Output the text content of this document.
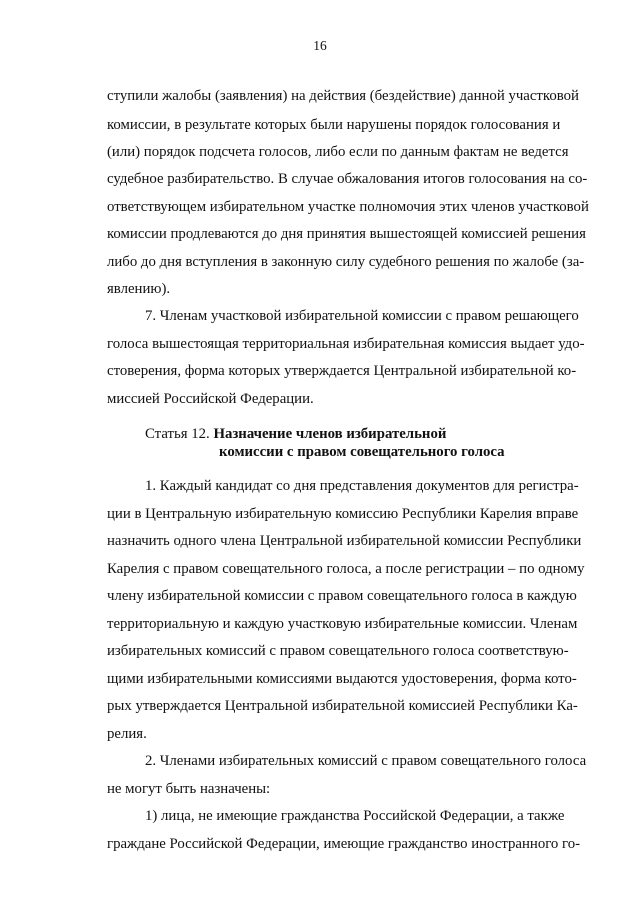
16
ступили жалобы (заявления) на действия (бездействие) данной участковой
комиссии, в результате которых были нарушены порядок голосования и
(или) порядок подсчета голосов, либо если по данным фактам не ведется
судебное разбирательство. В случае обжалования итогов голосования на со-
ответствующем избирательном участке полномочия этих членов участковой
комиссии продлеваются до дня принятия вышестоящей комиссией решения
либо до дня вступления в законную силу судебного решения по жалобе (за-
явлению).
7. Членам участковой избирательной комиссии с правом решающего
голоса вышестоящая территориальная избирательная комиссия выдает удо-
стоверения, форма которых утверждается Центральной избирательной ко-
миссией Российской Федерации.
Статья 12. Назначение членов избирательной
комиссии с правом совещательного голоса
1. Каждый кандидат со дня представления документов для регистра-
ции в Центральную избирательную комиссию Республики Карелия вправе
назначить одного члена Центральной избирательной комиссии Республики
Карелия с правом совещательного голоса, а после регистрации – по одному
члену избирательной комиссии с правом совещательного голоса в каждую
территориальную и каждую участковую избирательные комиссии. Членам
избирательных комиссий с правом совещательного голоса соответствую-
щими избирательными комиссиями выдаются удостоверения, форма кото-
рых утверждается Центральной избирательной комиссией Республики Ка-
релия.
2. Членами избирательных комиссий с правом совещательного голоса
не могут быть назначены:
1) лица, не имеющие гражданства Российской Федерации, а также
граждане Российской Федерации, имеющие гражданство иностранного го-
